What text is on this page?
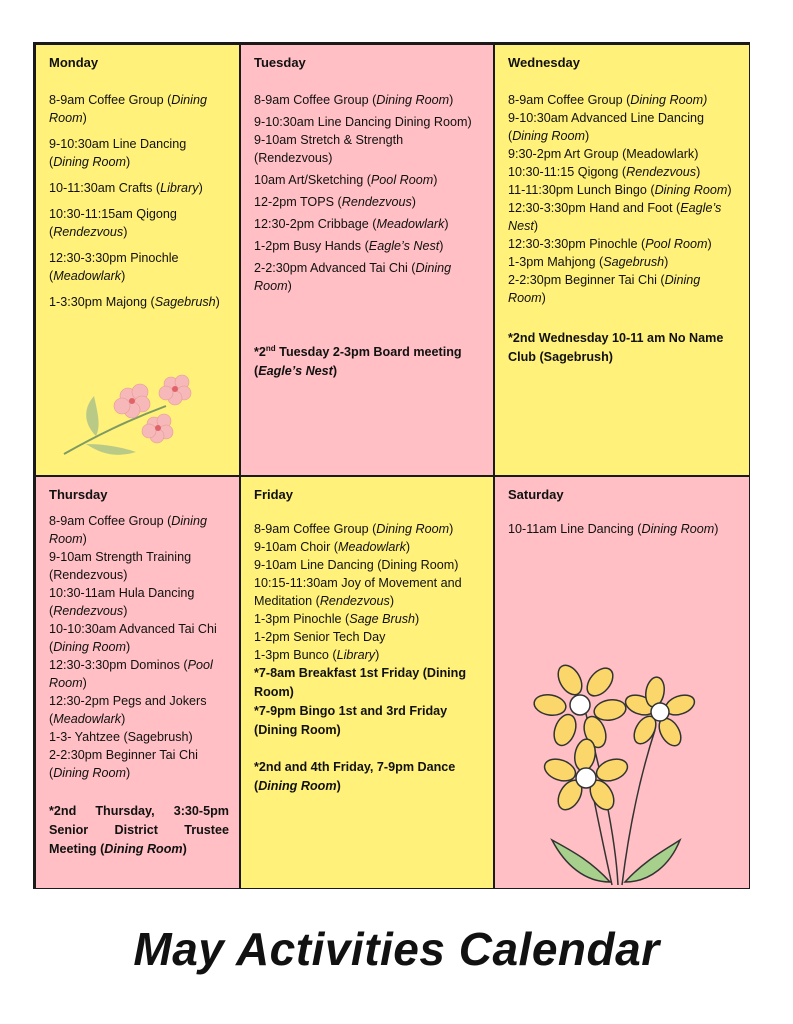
Monday

8-9am Coffee Group (Dining Room)

9-10:30am Line Dancing (Dining Room)

10-11:30am Crafts (Library)

10:30-11:15am Qigong (Rendezvous)

12:30-3:30pm Pinochle (Meadowlark)

1-3:30pm Majong (Sagebrush)

Tuesday

8-9am Coffee Group (Dining Room)

9-10:30am Line Dancing Dining Room) 9-10am Stretch & Strength (Rendezvous)

10am Art/Sketching (Pool Room)

12-2pm TOPS (Rendezvous)

12:30-2pm Cribbage (Meadowlark)

1-2pm Busy Hands (Eagle’s Nest)

2-2:30pm Advanced Tai Chi (Dining Room)

*2nd Tuesday 2-3pm Board meeting (Eagle’s Nest)

Wednesday

8-9am Coffee Group (Dining Room)

9-10:30am Advanced Line Dancing (Dining Room)

9:30-2pm Art Group (Meadowlark)

10:30-11:15 Qigong (Rendezvous)

11-11:30pm Lunch Bingo (Dining Room)

12:30-3:30pm Hand and Foot (Eagle’s Nest)

12:30-3:30pm Pinochle (Pool Room)

1-3pm Mahjong (Sagebrush)

2-2:30pm Beginner Tai Chi (Dining Room)

*2nd Wednesday 10-11 am No Name Club (Sagebrush)

Thursday

8-9am Coffee Group (Dining Room)

9-10am Strength Training (Rendezvous)

10:30-11am Hula Dancing (Rendezvous)

10-10:30am Advanced Tai Chi (Dining Room)

12:30-3:30pm Dominos (Pool Room)

12:30-2pm Pegs and Jokers (Meadowlark)

1-3- Yahtzee (Sagebrush)

2-2:30pm Beginner Tai Chi (Dining Room)

*2nd Thursday, 3:30-5pm Senior District Trustee Meeting (Dining Room)

Friday

8-9am Coffee Group (Dining Room)

9-10am Choir (Meadowlark)

9-10am Line Dancing (Dining Room)

10:15-11:30am Joy of Movement and Meditation (Rendezvous)

1-3pm Pinochle (Sage Brush)

1-2pm Senior Tech Day

1-3pm Bunco (Library)

*7-8am Breakfast 1st Friday (Dining Room)

*7-9pm Bingo 1st and 3rd Friday (Dining Room)

*2nd and 4th Friday, 7-9pm Dance (Dining Room)

Saturday

10-11am Line Dancing (Dining Room)

May Activities Calendar
